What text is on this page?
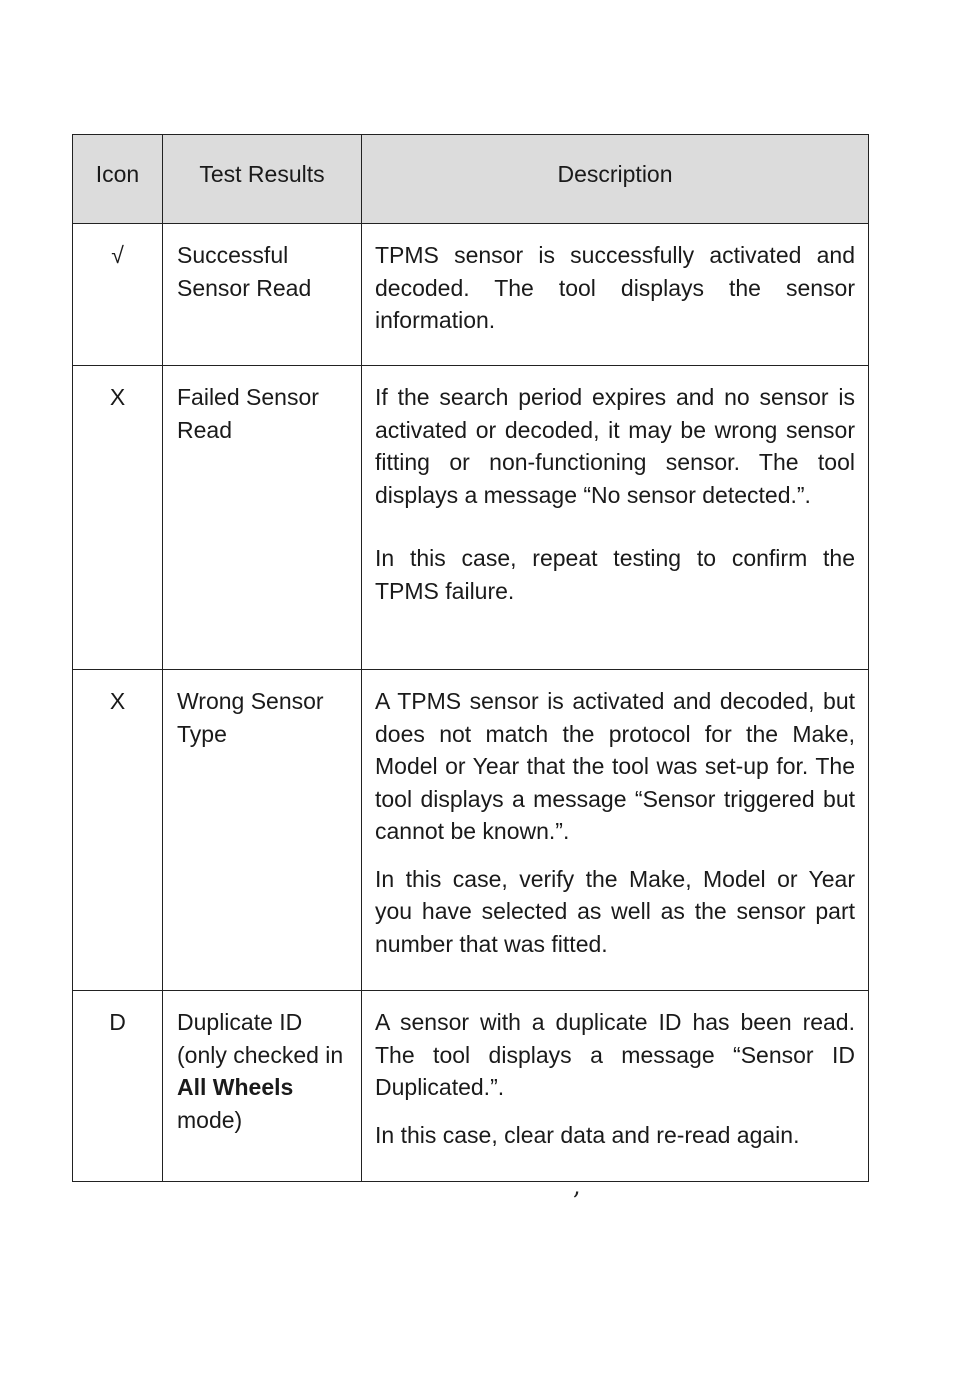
Icon	Test Results	Description
√	Successful Sensor Read	TPMS sensor is successfully activated and decoded. The tool displays the sensor information.

X	Failed Sensor Read	If the search period expires and no sensor is activated or decoded, it may be wrong sensor fitting or non-functioning sensor. The tool displays a message “No sensor detected.”.

In this case, repeat testing to confirm the TPMS failure.

X	Wrong Sensor Type	A TPMS sensor is activated and decoded, but does not match the protocol for the Make, Model or Year that the tool was set-up for. The tool displays a message “Sensor triggered but cannot be known.”.

In this case, verify the Make, Model or Year you have selected as well as the sensor part number that was fitted.

D	Duplicate ID (only checked in All Wheels mode)	A sensor with a duplicate ID has been read. The tool displays a message “Sensor ID Duplicated.”.

In this case, clear data and re-read again.

,
